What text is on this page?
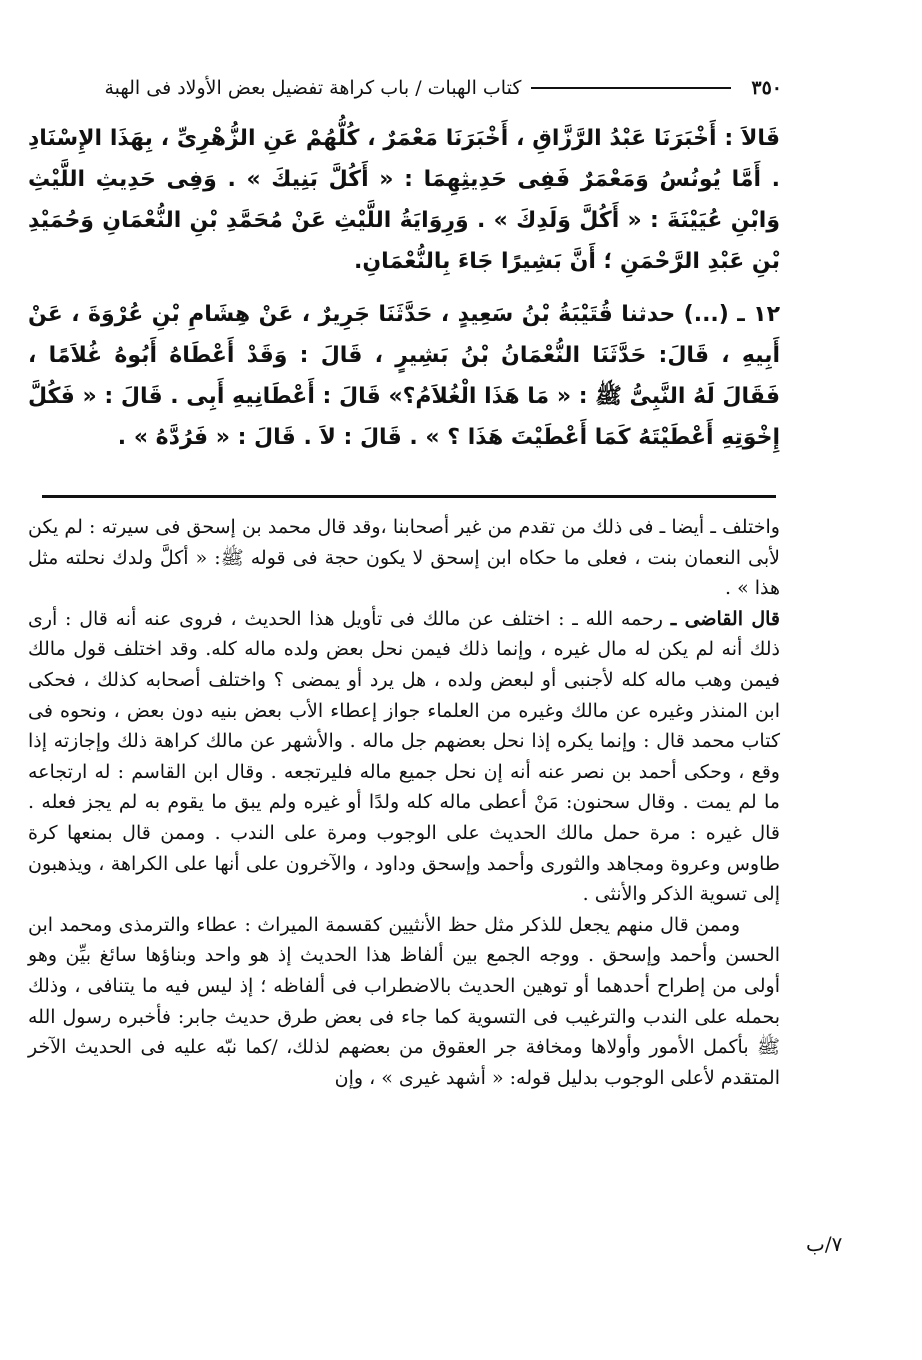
٣٥٠
كتاب الهبات / باب كراهة تفضيل بعض الأولاد فى الهبة

قَالاَ : أَخْبَرَنَا عَبْدُ الرَّزَّاقِ ، أَخْبَرَنَا مَعْمَرٌ ، كُلُّهُمْ عَنِ الزُّهْرِىِّ ، بِهَذَا الإِسْنَادِ . أَمَّا يُونُسُ وَمَعْمَرٌ فَفِى حَدِيثِهِمَا : « أَكُلَّ بَنِيكَ » . وَفِى حَدِيثِ اللَّيْثِ وَابْنِ عُيَيْنَةَ : « أَكُلَّ وَلَدِكَ » . وَرِوَايَةُ اللَّيْثِ عَنْ مُحَمَّدِ بْنِ النُّعْمَانِ وَحُمَيْدِ بْنِ عَبْدِ الرَّحْمَنِ ؛ أَنَّ بَشِيرًا جَاءَ بِالنُّعْمَانِ.

١٢ ـ (...) حدثنا قُتَيْبَةُ بْنُ سَعِيدٍ ، حَدَّثَنَا جَرِيرٌ ، عَنْ هِشَامِ بْنِ عُرْوَةَ ، عَنْ أَبِيهِ ، قَالَ: حَدَّثَنَا النُّعْمَانُ بْنُ بَشِيرٍ ، قَالَ : وَقَدْ أَعْطَاهُ أَبُوهُ غُلاَمًا ، فَقَالَ لَهُ النَّبِىُّ ﷺ : « مَا هَذَا الْغُلاَمُ؟» قَالَ : أَعْطَانِيهِ أَبِى . قَالَ : « فَكُلَّ إِخْوَتِهِ أَعْطَيْتَهُ كَمَا أَعْطَيْتَ هَذَا ؟ » . قَالَ : لاَ . قَالَ : « فَرُدَّهُ » .

واختلف ـ أيضا ـ فى ذلك من تقدم من غير أصحابنا ،وقد قال محمد بن إسحق فى سيرته : لم يكن لأبى النعمان بنت ، فعلى ما حكاه ابن إسحق لا يكون حجة فى قوله ﷺ: « أكلَّ ولدك نحلته مثل هذا » .

قال القاضى ـ رحمه الله ـ : اختلف عن مالك فى تأويل هذا الحديث ، فروى عنه أنه قال : أرى ذلك أنه لم يكن له مال غيره ، وإنما ذلك فيمن نحل بعض ولده ماله كله. وقد اختلف قول مالك فيمن وهب ماله كله لأجنبى أو لبعض ولده ، هل يرد أو يمضى ؟ واختلف أصحابه كذلك ، فحكى ابن المنذر وغيره عن مالك وغيره من العلماء جواز إعطاء الأب بعض بنيه دون بعض ، ونحوه فى كتاب محمد قال : وإنما يكره إذا نحل بعضهم جل ماله . والأشهر عن مالك كراهة ذلك وإجازته إذا وقع ، وحكى أحمد بن نصر عنه أنه إن نحل جميع ماله فليرتجعه . وقال ابن القاسم : له ارتجاعه ما لم يمت . وقال سحنون: مَنْ أعطى ماله كله ولدًا أو غيره ولم يبق ما يقوم به لم يجز فعله . قال غيره : مرة حمل مالك الحديث على الوجوب ومرة على الندب . وممن قال بمنعها كرة طاوس وعروة ومجاهد والثورى وأحمد وإسحق وداود ، والآخرون على أنها على الكراهة ، ويذهبون إلى تسوية الذكر والأنثى .

وممن قال منهم يجعل للذكر مثل حظ الأنثيين كقسمة الميراث : عطاء والترمذى ومحمد ابن الحسن وأحمد وإسحق . ووجه الجمع بين ألفاظ هذا الحديث إذ هو واحد وبناؤها سائغ بيِّن وهو أولى من إطراح أحدهما أو توهين الحديث بالاضطراب فى ألفاظه ؛ إذ ليس فيه ما يتنافى ، وذلك بحمله على الندب والترغيب فى التسوية كما جاء فى بعض طرق حديث جابر: فأخبره رسول الله ﷺ بأكمل الأمور وأولاها ومخافة جر العقوق من بعضهم لذلك، /كما نبّه عليه فى الحديث الآخر المتقدم لأعلى الوجوب بدليل قوله: « أشهد غيرى » ، وإن

٧/ب
